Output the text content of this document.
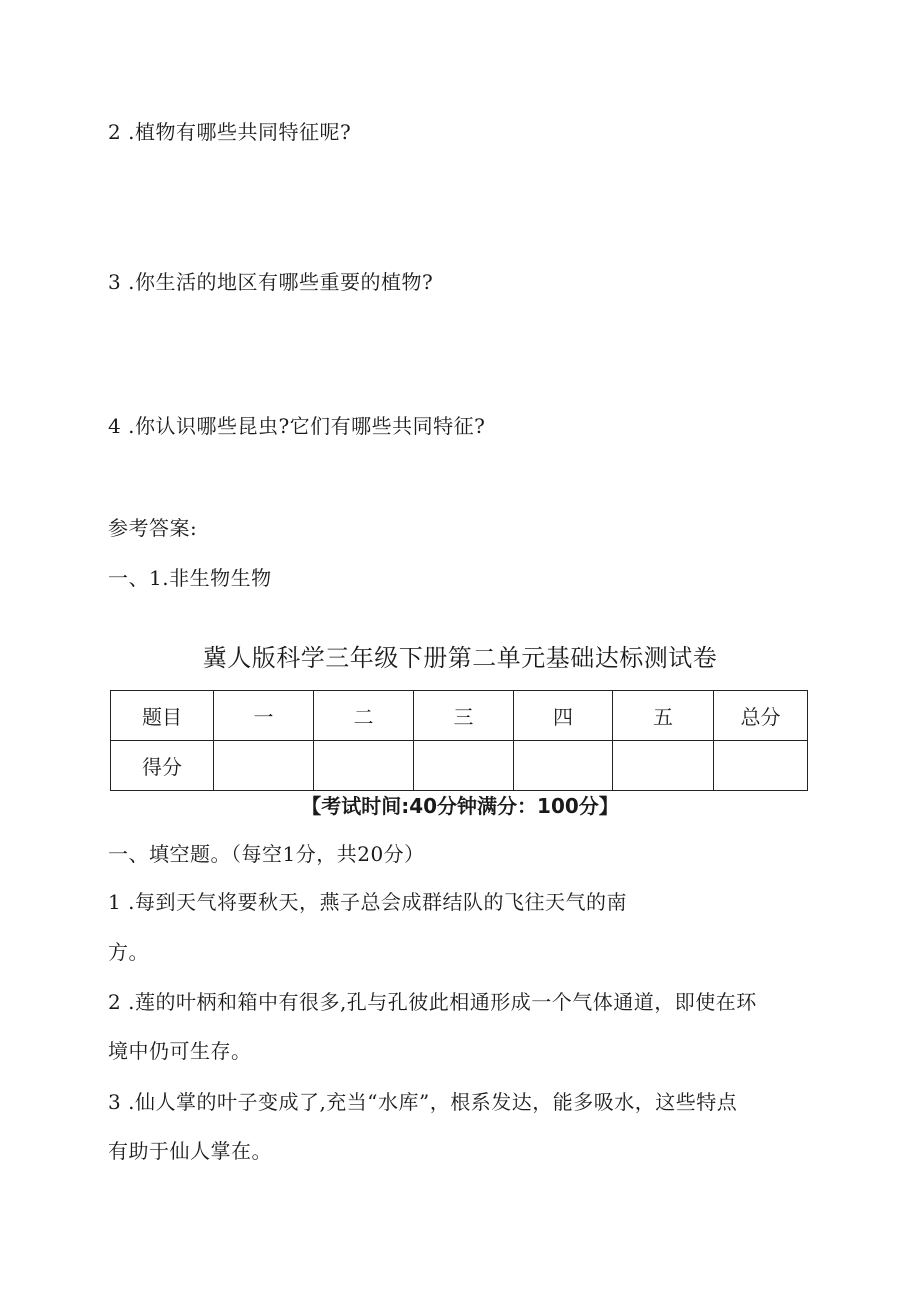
2 .植物有哪些共同特征呢?
3 .你生活的地区有哪些重要的植物?
4 .你认识哪些昆虫?它们有哪些共同特征?
参考答案:
一、1.非生物生物
冀人版科学三年级下册第二单元基础达标测试卷
题目	一	二	三	四	五	总分
得分						
【考试时间:40分钟满分：100分】
一、填空题。（每空1分，共20分）
1 .每到天气将要秋天，燕子总会成群结队的飞往天气的南
方。
2 .莲的叶柄和箱中有很多,孔与孔彼此相通形成一个气体通道，即使在环
境中仍可生存。
3 .仙人掌的叶子变成了,充当“水库”，根系发达，能多吸水，这些特点
有助于仙人掌在。
